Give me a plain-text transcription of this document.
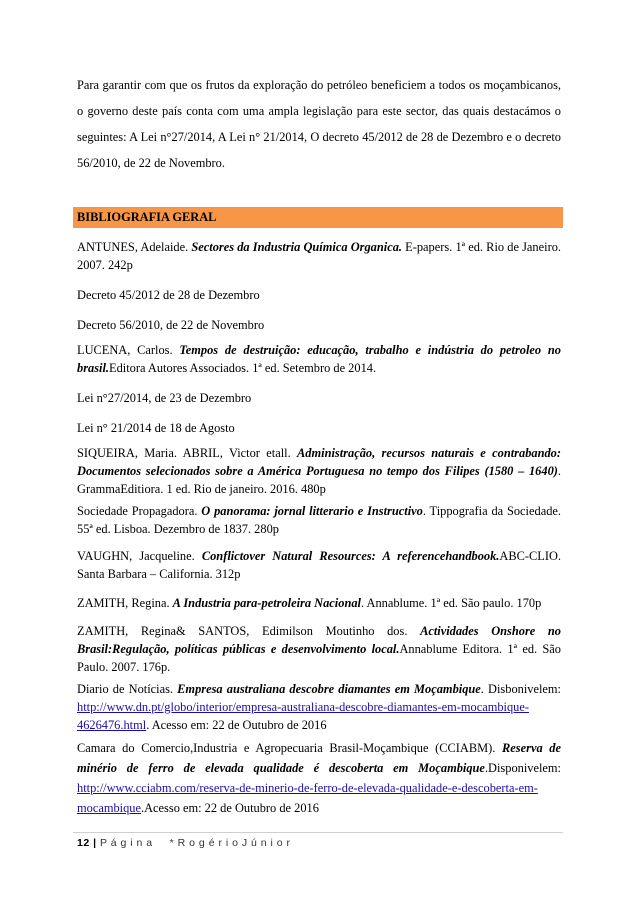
Para garantir com que os frutos da exploração do petróleo beneficiem a todos os moçambicanos, o governo deste país conta com uma ampla legislação para este sector, das quais destacámos o seguintes: A Lei n°27/2014, A Lei n° 21/2014, O decreto 45/2012 de 28 de Dezembro e o decreto 56/2010, de 22 de Novembro.

BIBLIOGRAFIA GERAL

ANTUNES, Adelaide. Sectores da Industria Química Organica. E-papers. 1ª ed. Rio de Janeiro. 2007. 242p

Decreto 45/2012 de 28 de Dezembro

Decreto 56/2010, de 22 de Novembro

LUCENA, Carlos. Tempos de destruição: educação, trabalho e indústria do petroleo no brasil.Editora Autores Associados. 1ª ed. Setembro de 2014.

Lei n°27/2014, de 23 de Dezembro

Lei n° 21/2014 de 18 de Agosto

SIQUEIRA, Maria. ABRIL, Victor etall. Administração, recursos naturais e contrabando: Documentos selecionados sobre a América Portuguesa no tempo dos Filipes (1580 – 1640). GrammaEditiora. 1 ed. Rio de janeiro. 2016. 480p

Sociedade Propagadora. O panorama: jornal litterario e Instructivo. Tippografia da Sociedade. 55ª ed. Lisboa. Dezembro de 1837. 280p

VAUGHN, Jacqueline. Conflictover Natural Resources: A referencehandbook.ABC-CLIO. Santa Barbara – California. 312p

ZAMITH, Regina. A Industria para-petroleira Nacional. Annablume. 1ª ed. São paulo. 170p

ZAMITH, Regina& SANTOS, Edimilson Moutinho dos. Actividades Onshore no Brasil:Regulação, políticas públicas e desenvolvimento local.Annablume Editora. 1ª ed. São Paulo. 2007. 176p.

Diario de Notícias. Empresa australiana descobre diamantes em Moçambique. Disbonivelem: http://www.dn.pt/globo/interior/empresa-australiana-descobre-diamantes-em-mocambique-4626476.html. Acesso em: 22 de Outubro de 2016

Camara do Comercio,Industria e Agropecuaria Brasil-Moçambique (CCIABM). Reserva de minério de ferro de elevada qualidade é descoberta em Moçambique.Disponivelem: http://www.cciabm.com/reserva-de-minerio-de-ferro-de-elevada-qualidade-e-descoberta-em-mocambique.Acesso em: 22 de Outubro de 2016

12 | P á g i n a * R o g é r i o J ú n i o r
